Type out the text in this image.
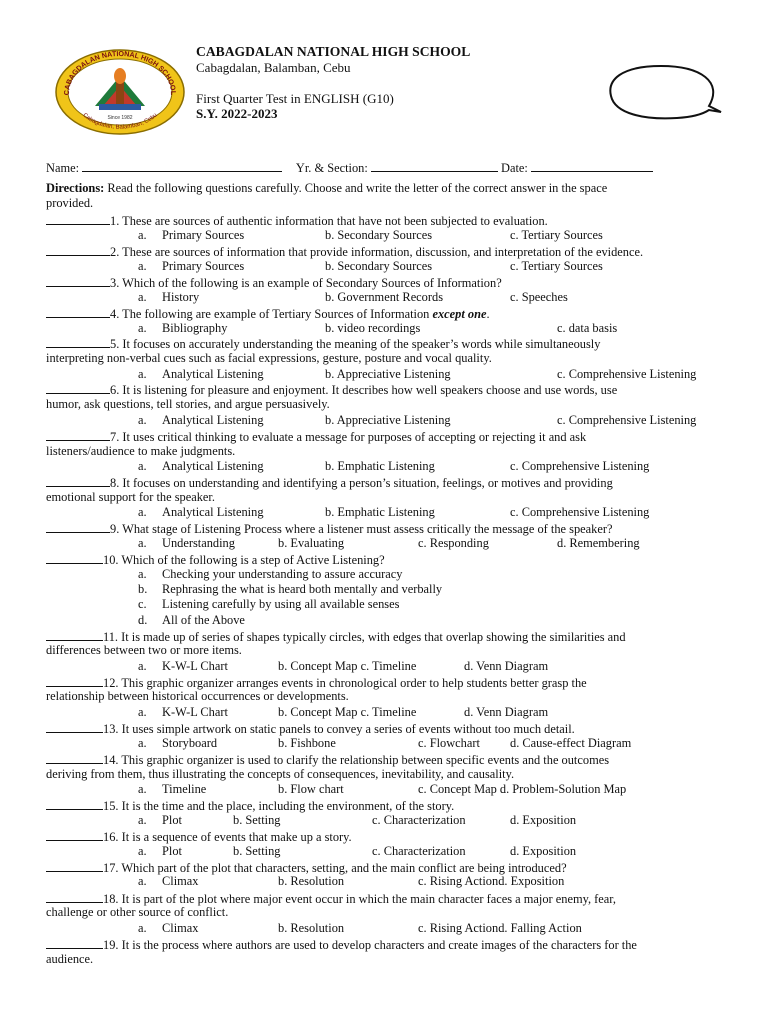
CABAGDALAN NATIONAL HIGH SCHOOL
Cabagdalan, Balamban, Cebu
Since 1982
CABAGDALAN NATIONAL HIGH SCHOOL
Cabagdalan, Balamban, Cebu
First Quarter Test in ENGLISH (G10)
S.Y. 2022-2023
Name:	Yr. & Section:	Date:
Directions: Read the following questions carefully. Choose and write the letter of the correct answer in the space
provided.
1. These are sources of authentic information that have not been subjected to evaluation.
a. Primary Sources	b. Secondary Sources	c. Tertiary Sources
2. These are sources of information that provide information, discussion, and interpretation of the evidence.
a. Primary Sources	b. Secondary Sources	c. Tertiary Sources
3. Which of the following is an example of Secondary Sources of Information?
a. History	b. Government Records	c. Speeches
4. The following are example of Tertiary Sources of Information except one.
a. Bibliography	b. video recordings	c. data basis
5. It focuses on accurately understanding the meaning of the speaker’s words while simultaneously
interpreting non-verbal cues such as facial expressions, gesture, posture and vocal quality.
a. Analytical Listening	b. Appreciative Listening	c. Comprehensive Listening
6. It is listening for pleasure and enjoyment. It describes how well speakers choose and use words, use
humor, ask questions, tell stories, and argue persuasively.
a. Analytical Listening	b. Appreciative Listening	c. Comprehensive Listening
7. It uses critical thinking to evaluate a message for purposes of accepting or rejecting it and ask
listeners/audience to make judgments.
a. Analytical Listening	b. Emphatic Listening	c. Comprehensive Listening
8. It focuses on understanding and identifying a person’s situation, feelings, or motives and providing
emotional support for the speaker.
a. Analytical Listening	b. Emphatic Listening	c. Comprehensive Listening
9. What stage of Listening Process where a listener must assess critically the message of the speaker?
a. Understanding	b. Evaluating	c. Responding	d. Remembering
10. Which of the following is a step of Active Listening?
a. Checking your understanding to assure accuracy
b. Rephrasing the what is heard both mentally and verbally
c. Listening carefully by using all available senses
d. All of the Above
11. It is made up of series of shapes typically circles, with edges that overlap showing the similarities and
differences between two or more items.
a. K-W-L Chart	b. Concept Map c. Timeline	d. Venn Diagram
12. This graphic organizer arranges events in chronological order to help students better grasp the
relationship between historical occurrences or developments.
a. K-W-L Chart	b. Concept Map c. Timeline	d. Venn Diagram
13. It uses simple artwork on static panels to convey a series of events without too much detail.
a. Storyboard	b. Fishbone	c. Flowchart d. Cause-effect Diagram
14. This graphic organizer is used to clarify the relationship between specific events and the outcomes
deriving from them, thus illustrating the concepts of consequences, inevitability, and causality.
a. Timeline	b. Flow chart	c. Concept Map d. Problem-Solution Map
15. It is the time and the place, including the environment, of the story.
a. Plot	b. Setting	c. Characterization	d. Exposition
16. It is a sequence of events that make up a story.
a. Plot	b. Setting	c. Characterization	d. Exposition
17. Which part of the plot that characters, setting, and the main conflict are being introduced?
a. Climax	b. Resolution	c. Rising Actiond. Exposition
18. It is part of the plot where major event occur in which the main character faces a major enemy, fear,
challenge or other source of conflict.
a. Climax	b. Resolution	c. Rising Actiond. Falling Action
19. It is the process where authors are used to develop characters and create images of the characters for the
audience.
